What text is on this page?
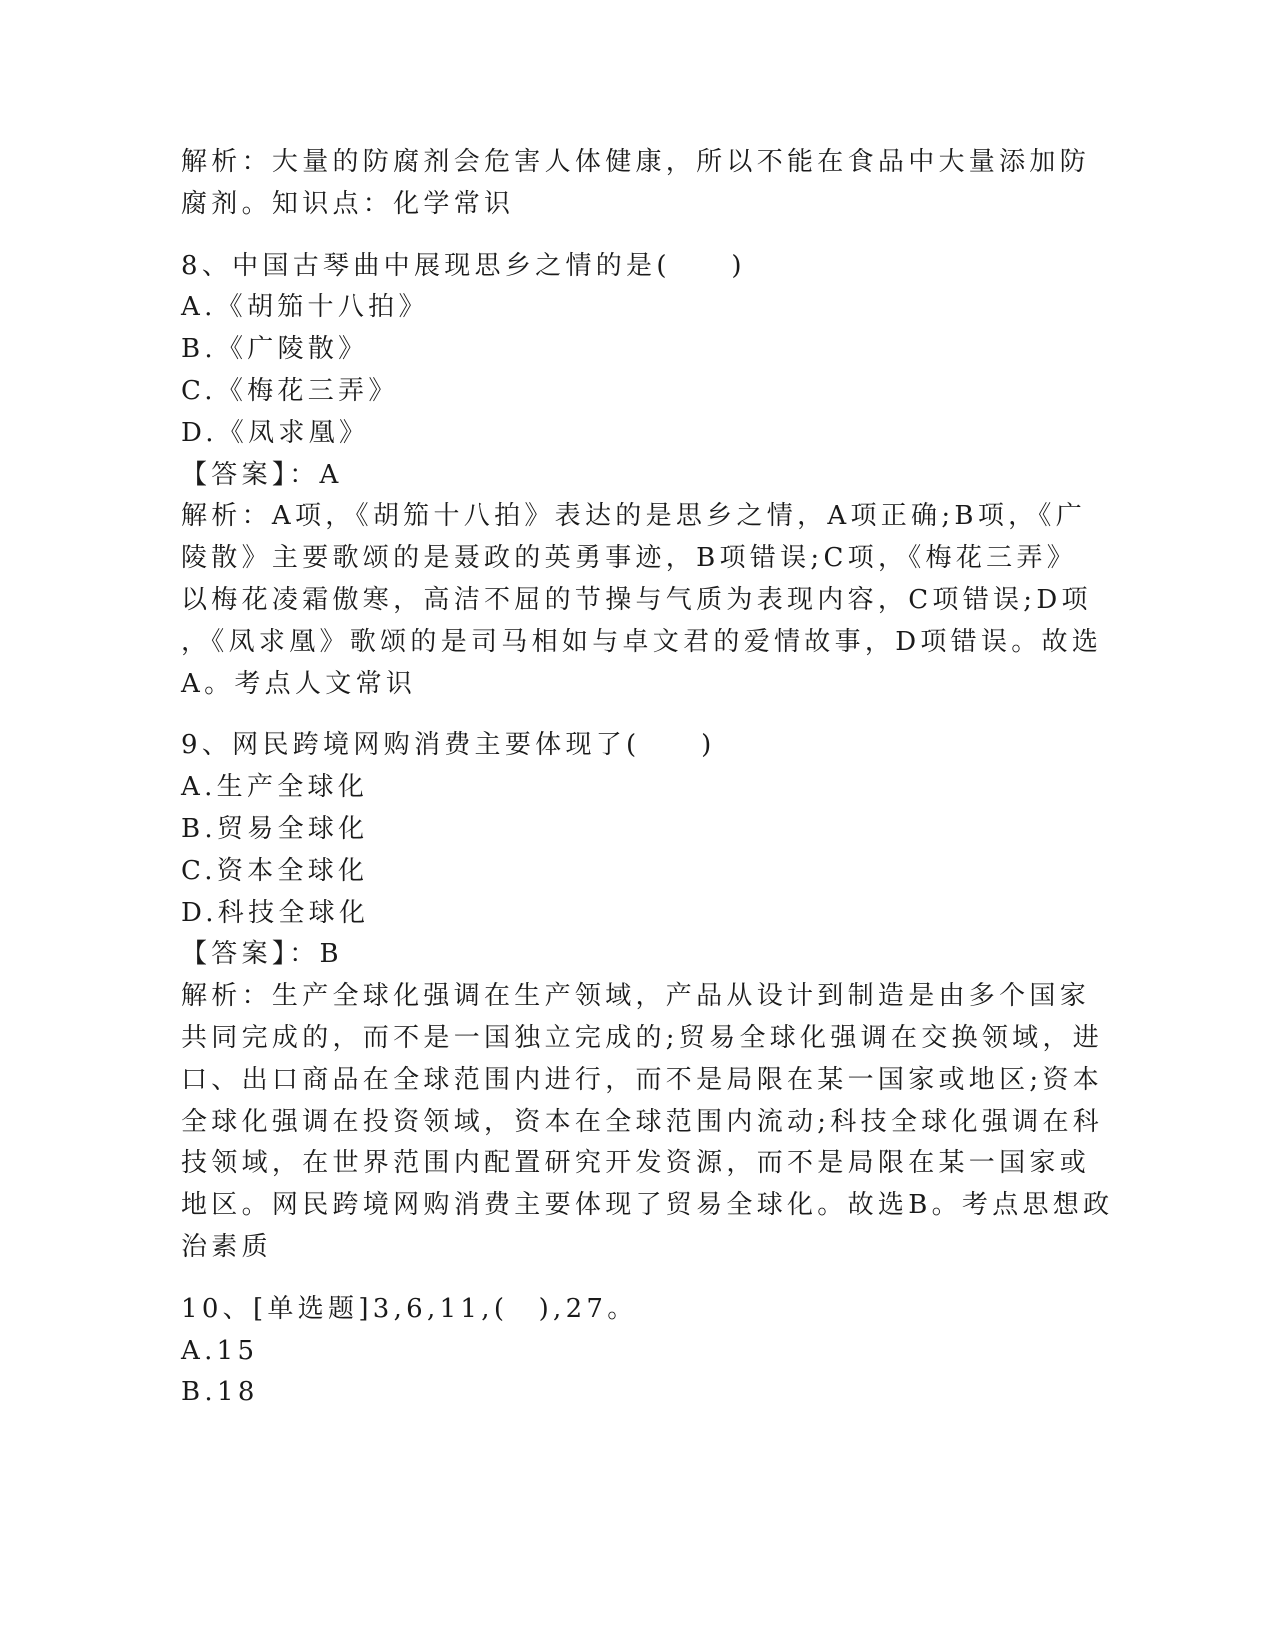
解析：大量的防腐剂会危害人体健康，所以不能在食品中大量添加防

腐剂。知识点：化学常识

8、中国古琴曲中展现思乡之情的是(　　)

A.《胡笳十八拍》

B.《广陵散》

C.《梅花三弄》

D.《凤求凰》

【答案】：A

解析：A项，《胡笳十八拍》表达的是思乡之情，A项正确;B项，《广

陵散》主要歌颂的是聂政的英勇事迹，B项错误;C项，《梅花三弄》

以梅花凌霜傲寒，高洁不屈的节操与气质为表现内容，C项错误;D项

，《凤求凰》歌颂的是司马相如与卓文君的爱情故事，D项错误。故选

A。考点人文常识

9、网民跨境网购消费主要体现了(　　)

A.生产全球化

B.贸易全球化

C.资本全球化

D.科技全球化

【答案】：B

解析：生产全球化强调在生产领域，产品从设计到制造是由多个国家

共同完成的，而不是一国独立完成的;贸易全球化强调在交换领域，进

口、出口商品在全球范围内进行，而不是局限在某一国家或地区;资本

全球化强调在投资领域，资本在全球范围内流动;科技全球化强调在科

技领域，在世界范围内配置研究开发资源，而不是局限在某一国家或

地区。网民跨境网购消费主要体现了贸易全球化。故选B。考点思想政

治素质

10、[单选题]3,6,11,(　),27。

A.15

B.18
